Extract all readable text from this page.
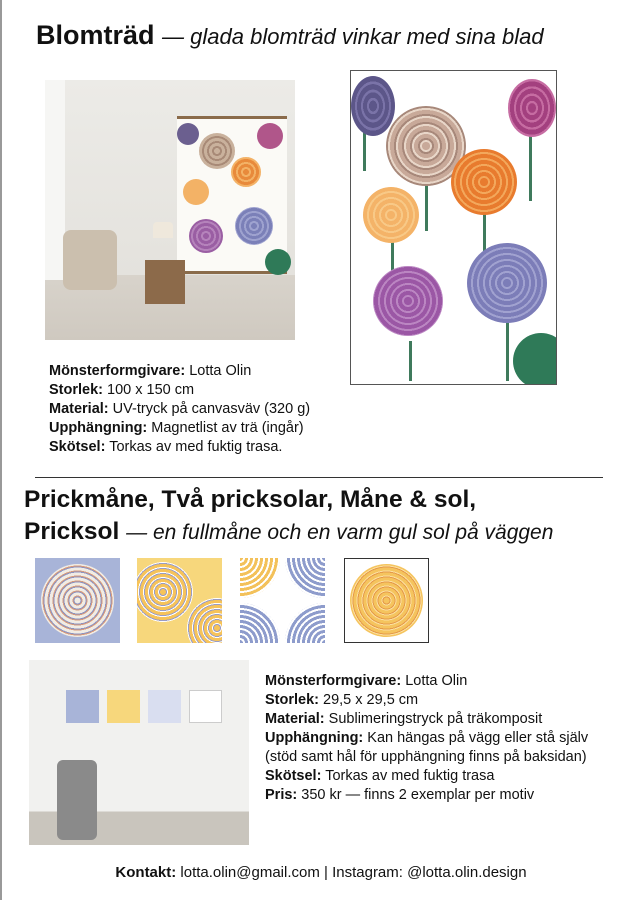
Blomträd — glada blomträd vinkar med sina blad
Mönsterformgivare: Lotta Olin
Storlek: 100 x 150 cm
Material: UV-tryck på canvasväv (320 g)
Upphängning: Magnetlist av trä (ingår)
Skötsel: Torkas av med fuktig trasa.
Prickmåne, Två pricksolar, Måne & sol,
Pricksol — en fullmåne och en varm gul sol på väggen
Mönsterformgivare: Lotta Olin
Storlek: 29,5 x 29,5 cm
Material: Sublimeringstryck på träkomposit
Upphängning: Kan hängas på vägg eller stå själv
(stöd samt hål för upphängning finns på baksidan)
Skötsel: Torkas av med fuktig trasa
Pris: 350 kr — finns 2 exemplar per motiv
Kontakt: lotta.olin@gmail.com | Instagram: @lotta.olin.design
